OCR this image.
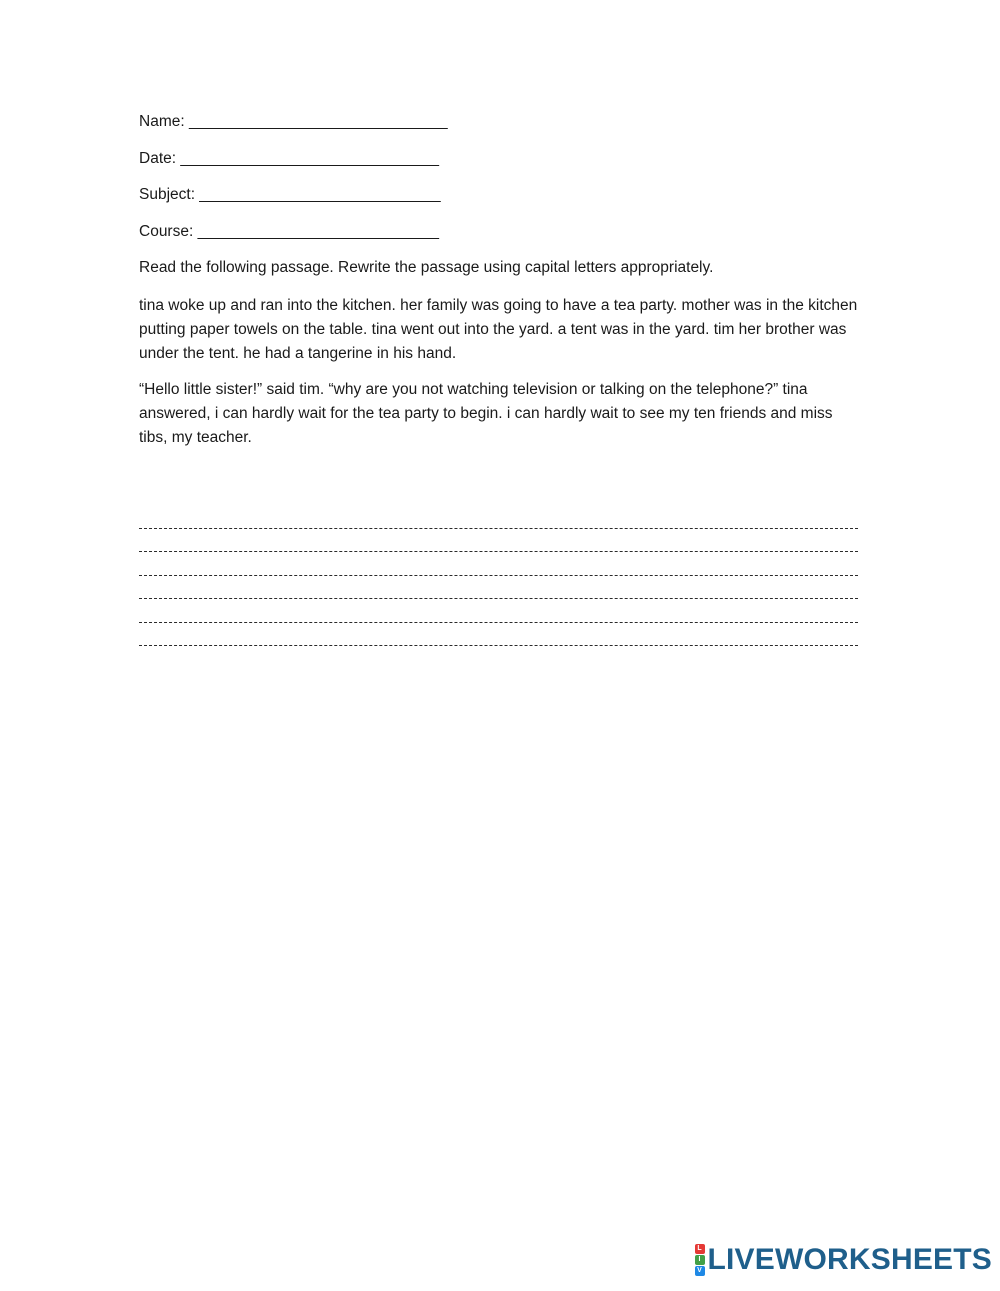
Name: ______________________________
Date: ______________________________
Subject: ____________________________
Course: ____________________________

Read the following passage. Rewrite the passage using capital letters appropriately.

tina woke up and ran into the kitchen. her family was going to have a tea party. mother was in the kitchen putting paper towels on the table. tina went out into the yard. a tent was in the yard. tim her brother was under the tent. he had a tangerine in his hand.

“Hello little sister!” said tim. “why are you not watching television or talking on the telephone?” tina answered, i can hardly wait for the tea party to begin. i can hardly wait to see my ten friends and miss tibs, my teacher.

L
I
V LIVEWORKSHEETS
